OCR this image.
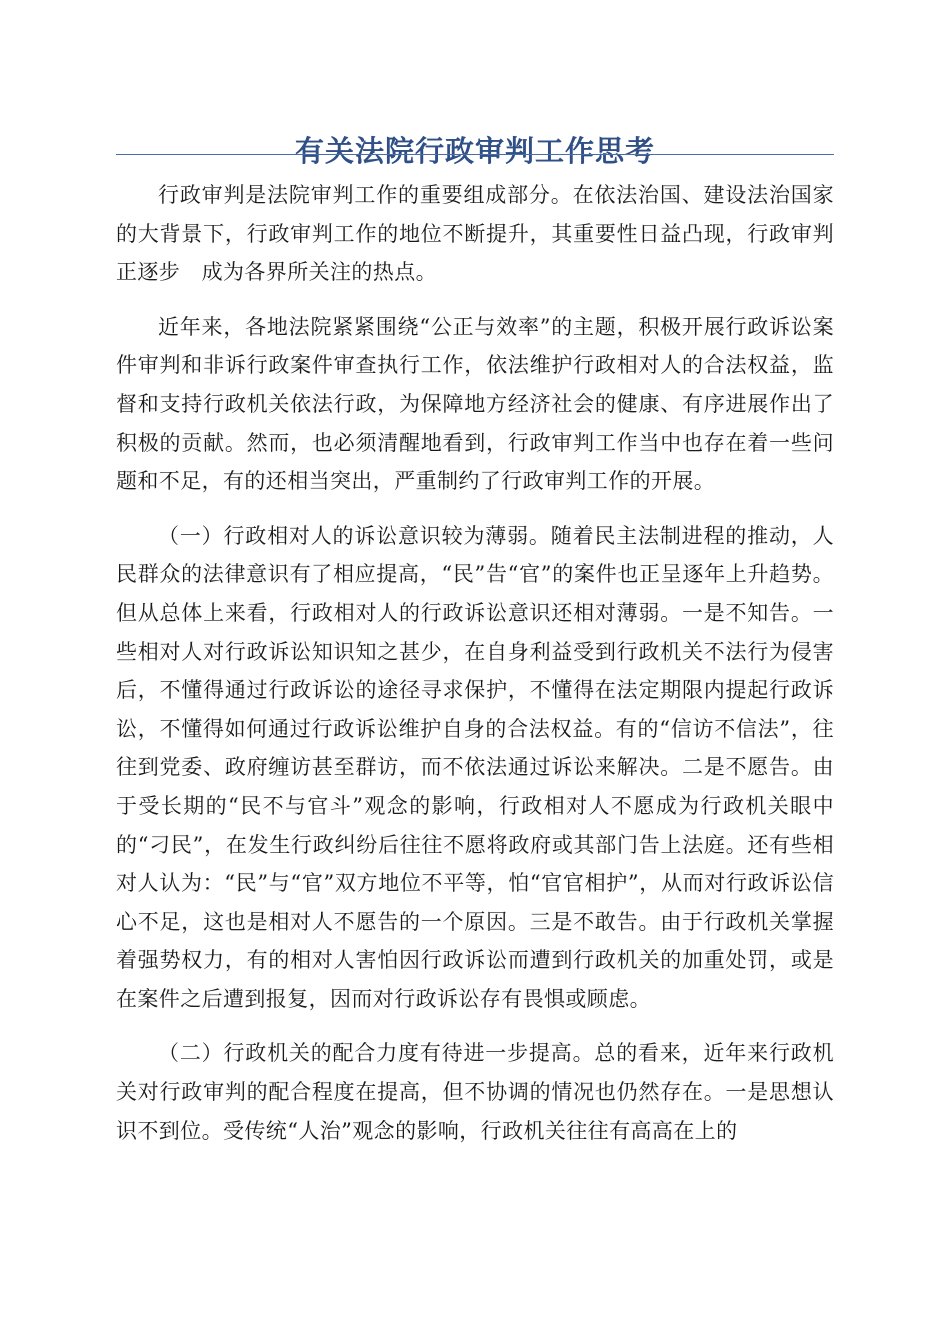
有关法院行政审判工作思考

行政审判是法院审判工作的重要组成部分。在依法治国、建设法治国家的大背景下，行政审判工作的地位不断提升，其重要性日益凸现，行政审判正逐步　成为各界所关注的热点。

近年来，各地法院紧紧围绕“公正与效率”的主题，积极开展行政诉讼案件审判和非诉行政案件审查执行工作，依法维护行政相对人的合法权益，监督和支持行政机关依法行政，为保障地方经济社会的健康、有序进展作出了积极的贡献。然而，也必须清醒地看到，行政审判工作当中也存在着一些问题和不足，有的还相当突出，严重制约了行政审判工作的开展。

（一）行政相对人的诉讼意识较为薄弱。随着民主法制进程的推动，人民群众的法律意识有了相应提高，“民”告“官”的案件也正呈逐年上升趋势。但从总体上来看，行政相对人的行政诉讼意识还相对薄弱。一是不知告。一些相对人对行政诉讼知识知之甚少，在自身利益受到行政机关不法行为侵害后，不懂得通过行政诉讼的途径寻求保护，不懂得在法定期限内提起行政诉讼，不懂得如何通过行政诉讼维护自身的合法权益。有的“信访不信法”，往往到党委、政府缠访甚至群访，而不依法通过诉讼来解决。二是不愿告。由于受长期的“民不与官斗”观念的影响，行政相对人不愿成为行政机关眼中的“刁民”，在发生行政纠纷后往往不愿将政府或其部门告上法庭。还有些相对人认为：“民”与“官”双方地位不平等，怕“官官相护”，从而对行政诉讼信心不足，这也是相对人不愿告的一个原因。三是不敢告。由于行政机关掌握着强势权力，有的相对人害怕因行政诉讼而遭到行政机关的加重处罚，或是在案件之后遭到报复，因而对行政诉讼存有畏惧或顾虑。

（二）行政机关的配合力度有待进一步提高。总的看来，近年来行政机关对行政审判的配合程度在提高，但不协调的情况也仍然存在。一是思想认识不到位。受传统“人治”观念的影响，行政机关往往有高高在上的
